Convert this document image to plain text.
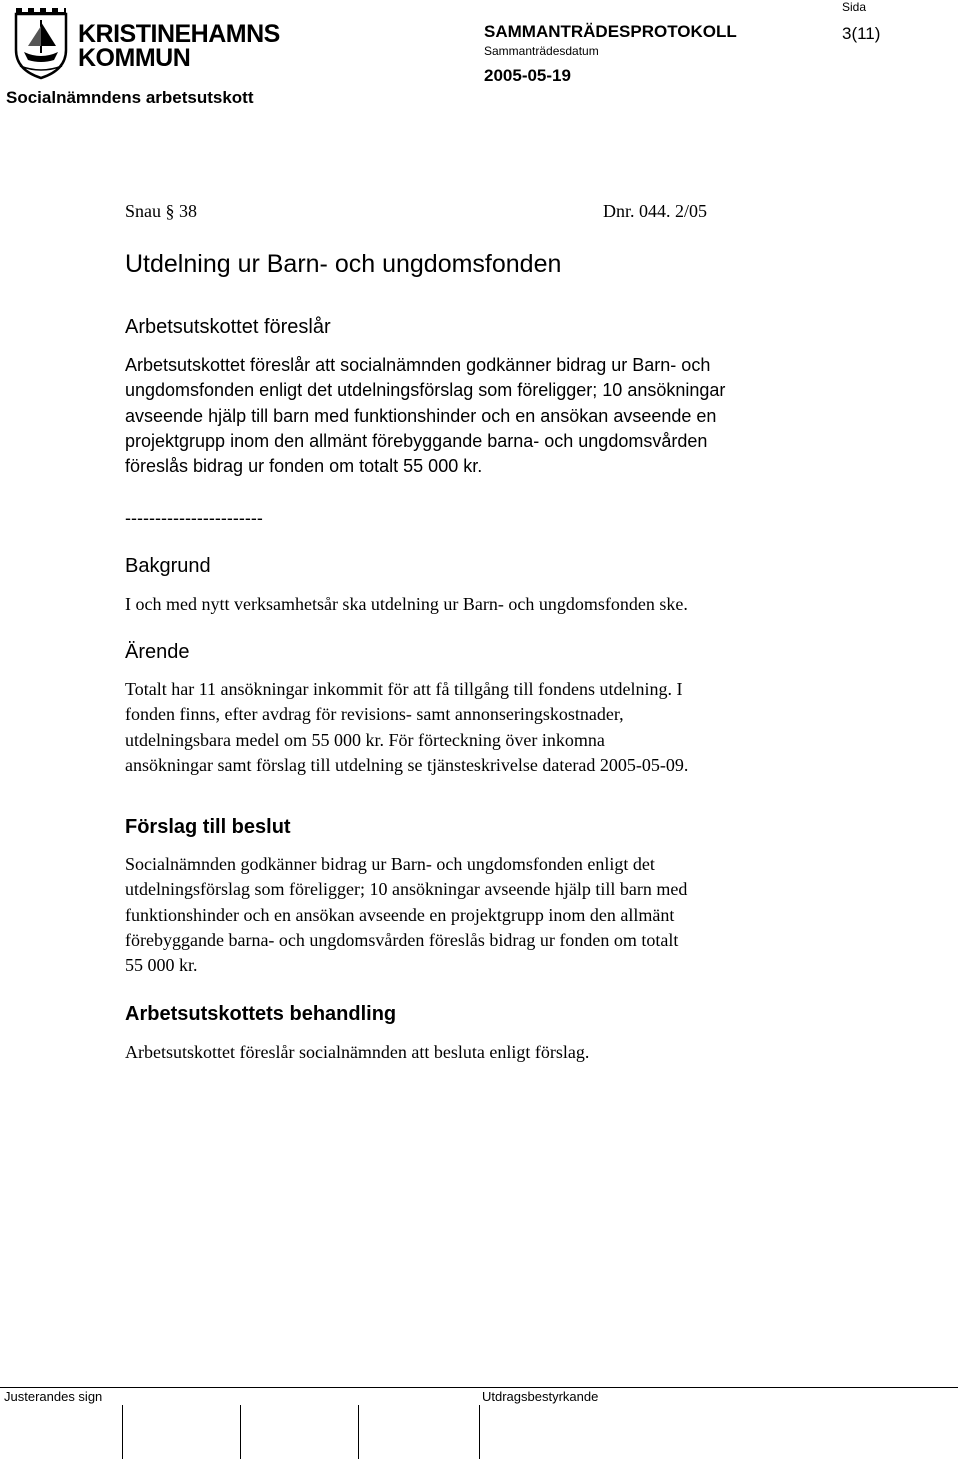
KRISTINEHAMNS
KOMMUN
Socialnämndens arbetsutskott
SAMMANTRÄDESPROTOKOLL
Sammanträdesdatum
2005-05-19
Sida
3(11)
Snau § 38	Dnr. 044. 2/05
Utdelning ur Barn- och ungdomsfonden
Arbetsutskottet föreslår
Arbetsutskottet föreslår att socialnämnden godkänner bidrag ur Barn- och
ungdomsfonden enligt det utdelningsförslag som föreligger; 10 ansökningar
avseende hjälp till barn med funktionshinder och en ansökan avseende en
projektgrupp inom den allmänt förebyggande barna- och ungdomsvården
föreslås bidrag ur fonden om totalt 55 000 kr.
-----------------------
Bakgrund
I och med nytt verksamhetsår ska utdelning ur Barn- och ungdomsfonden ske.
Ärende
Totalt har 11 ansökningar inkommit för att få tillgång till fondens utdelning. I
fonden finns, efter avdrag för revisions- samt annonseringskostnader,
utdelningsbara medel om 55 000 kr. För förteckning över inkomna
ansökningar samt förslag till utdelning se tjänsteskrivelse daterad 2005-05-09.
Förslag till beslut
Socialnämnden godkänner bidrag ur Barn- och ungdomsfonden enligt det
utdelningsförslag som föreligger; 10 ansökningar avseende hjälp till barn med
funktionshinder och en ansökan avseende en projektgrupp inom den allmänt
förebyggande barna- och ungdomsvården föreslås bidrag ur fonden om totalt
55 000 kr.
Arbetsutskottets behandling
Arbetsutskottet föreslår socialnämnden att besluta enligt förslag.
Justerandes sign	Utdragsbestyrkande
